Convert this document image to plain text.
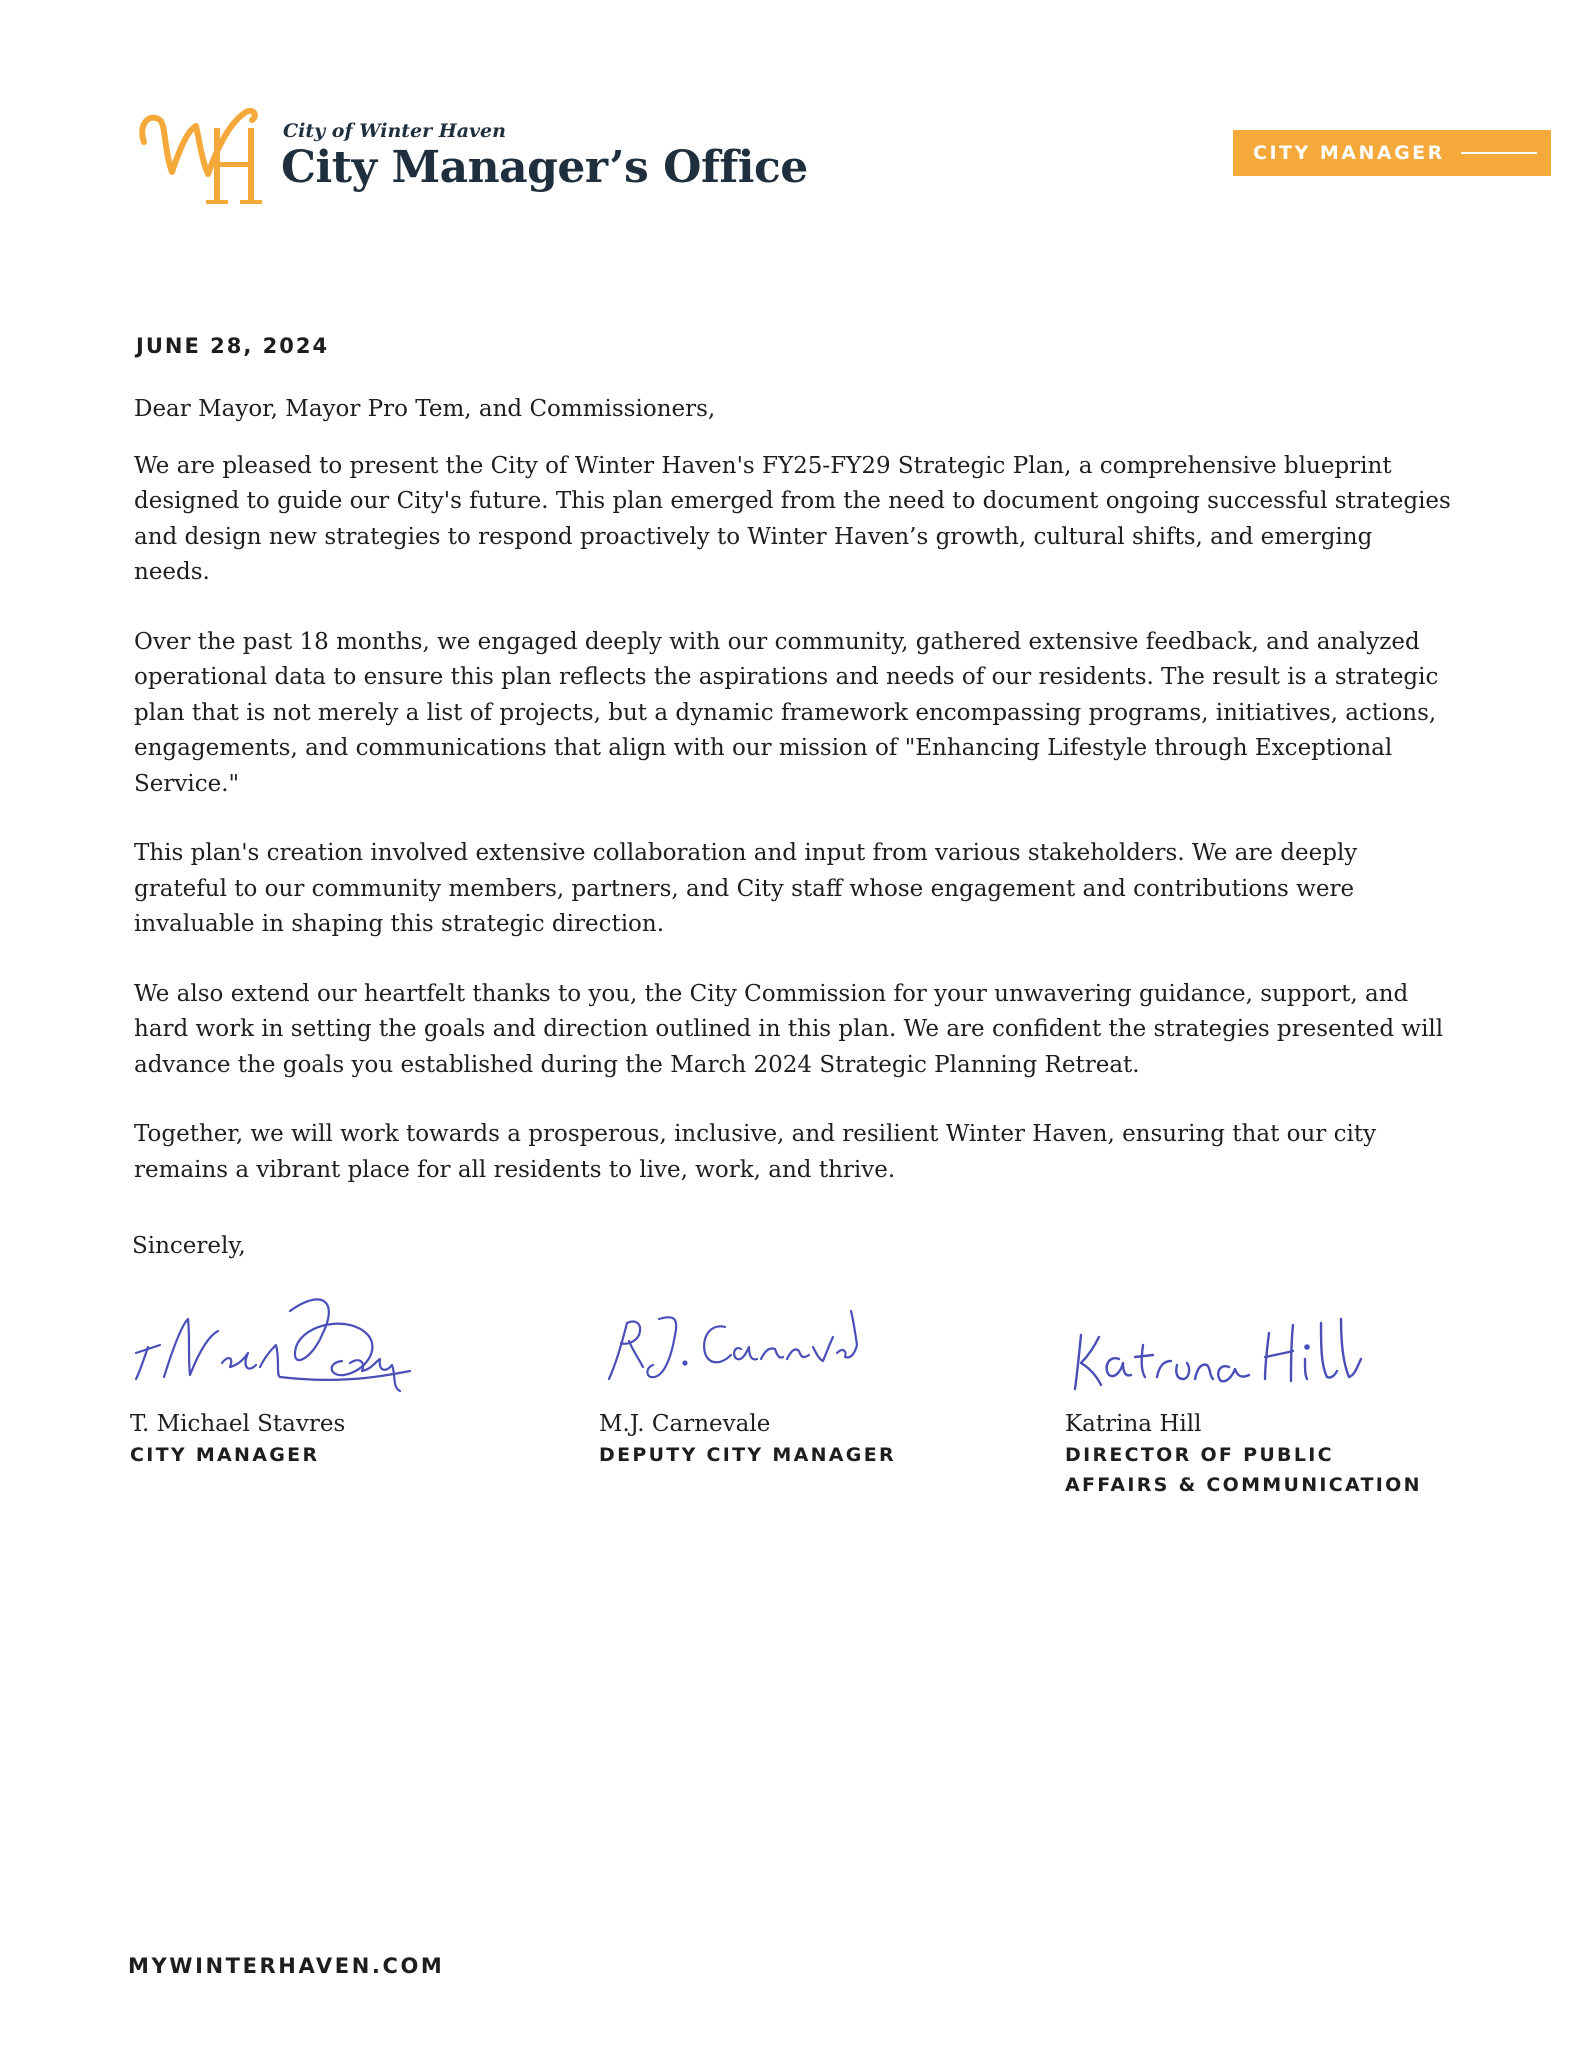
City of Winter Haven
City Manager’s Office	CITY MANAGER
JUNE 28, 2024

Dear Mayor, Mayor Pro Tem, and Commissioners,

We are pleased to present the City of Winter Haven's FY25-FY29 Strategic Plan, a comprehensive blueprint designed to guide our City's future. This plan emerged from the need to document ongoing successful strategies and design new strategies to respond proactively to Winter Haven’s growth, cultural shifts, and emerging needs.

Over the past 18 months, we engaged deeply with our community, gathered extensive feedback, and analyzed operational data to ensure this plan reflects the aspirations and needs of our residents. The result is a strategic plan that is not merely a list of projects, but a dynamic framework encompassing programs, initiatives, actions, engagements, and communications that align with our mission of "Enhancing Lifestyle through Exceptional Service."

This plan's creation involved extensive collaboration and input from various stakeholders. We are deeply grateful to our community members, partners, and City staff whose engagement and contributions were invaluable in shaping this strategic direction.

We also extend our heartfelt thanks to you, the City Commission for your unwavering guidance, support, and hard work in setting the goals and direction outlined in this plan. We are confident the strategies presented will advance the goals you established during the March 2024 Strategic Planning Retreat.

Together, we will work towards a prosperous, inclusive, and resilient Winter Haven, ensuring that our city remains a vibrant place for all residents to live, work, and thrive.

Sincerely,
T. Michael Stavres
CITY MANAGER
M.J. Carnevale
DEPUTY CITY MANAGER
Katrina Hill
DIRECTOR OF PUBLIC
AFFAIRS & COMMUNICATION
MYWINTERHAVEN.COM
